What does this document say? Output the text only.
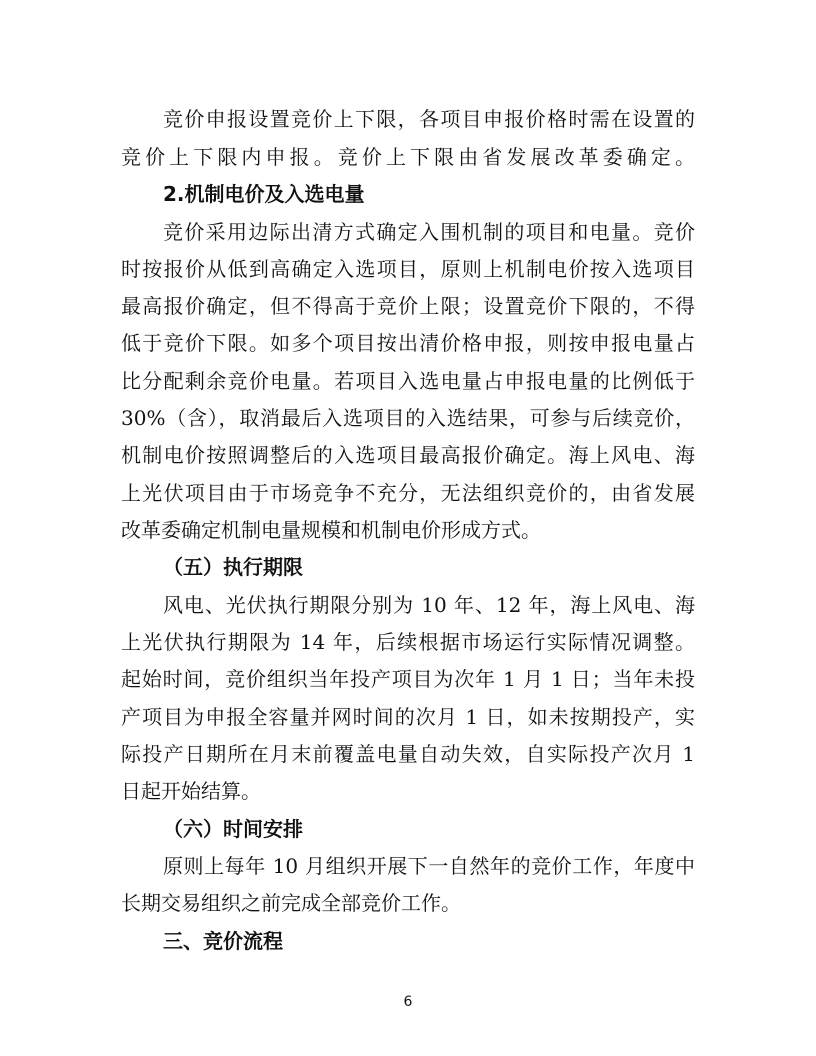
竞价申报设置竞价上下限，各项目申报价格时需在设置的
竞价上下限内申报。竞价上下限由省发展改革委确定。
2.机制电价及入选电量
竞价采用边际出清方式确定入围机制的项目和电量。竞价
时按报价从低到高确定入选项目，原则上机制电价按入选项目
最高报价确定，但不得高于竞价上限；设置竞价下限的，不得
低于竞价下限。如多个项目按出清价格申报，则按申报电量占
比分配剩余竞价电量。若项目入选电量占申报电量的比例低于
30%（含），取消最后入选项目的入选结果，可参与后续竞价，
机制电价按照调整后的入选项目最高报价确定。海上风电、海
上光伏项目由于市场竞争不充分，无法组织竞价的，由省发展
改革委确定机制电量规模和机制电价形成方式。
（五）执行期限
风电、光伏执行期限分别为 10 年、12 年，海上风电、海
上光伏执行期限为 14 年，后续根据市场运行实际情况调整。
起始时间，竞价组织当年投产项目为次年 1 月 1 日；当年未投
产项目为申报全容量并网时间的次月 1 日，如未按期投产，实
际投产日期所在月末前覆盖电量自动失效，自实际投产次月 1
日起开始结算。
（六）时间安排
原则上每年 10 月组织开展下一自然年的竞价工作，年度中
长期交易组织之前完成全部竞价工作。
三、竞价流程
6
